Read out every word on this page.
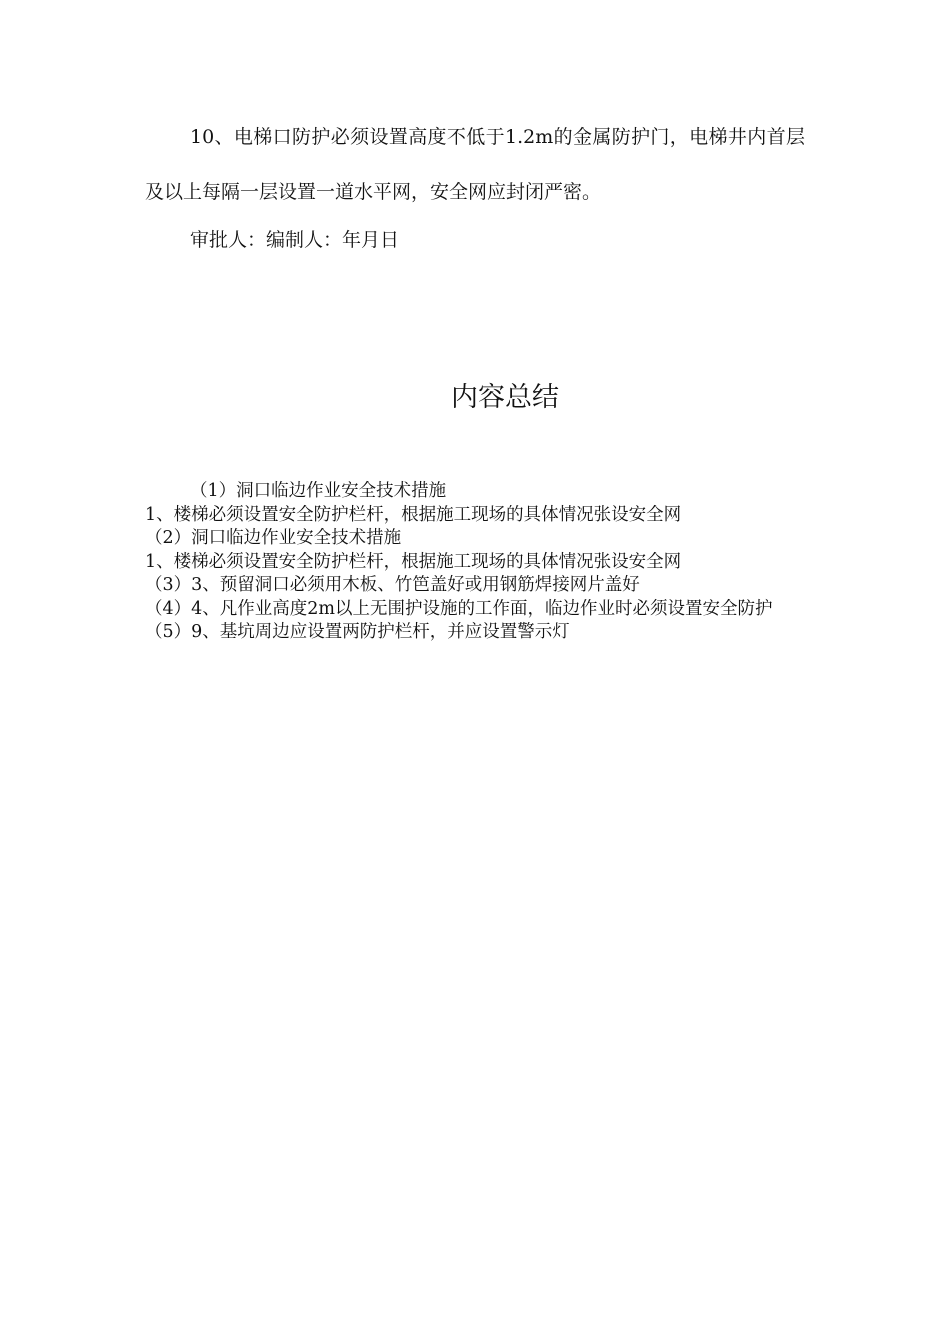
10、电梯口防护必须设置高度不低于1.2m的金属防护门，电梯井内首层及以上每隔一层设置一道水平网，安全网应封闭严密。

审批人：编制人：年月日

内容总结
（1）洞口临边作业安全技术措施
1、楼梯必须设置安全防护栏杆，根据施工现场的具体情况张设安全网
（2）洞口临边作业安全技术措施
1、楼梯必须设置安全防护栏杆，根据施工现场的具体情况张设安全网
（3）3、预留洞口必须用木板、竹笆盖好或用钢筋焊接网片盖好
（4）4、凡作业高度2m以上无围护设施的工作面，临边作业时必须设置安全防护
（5）9、基坑周边应设置两防护栏杆，并应设置警示灯
